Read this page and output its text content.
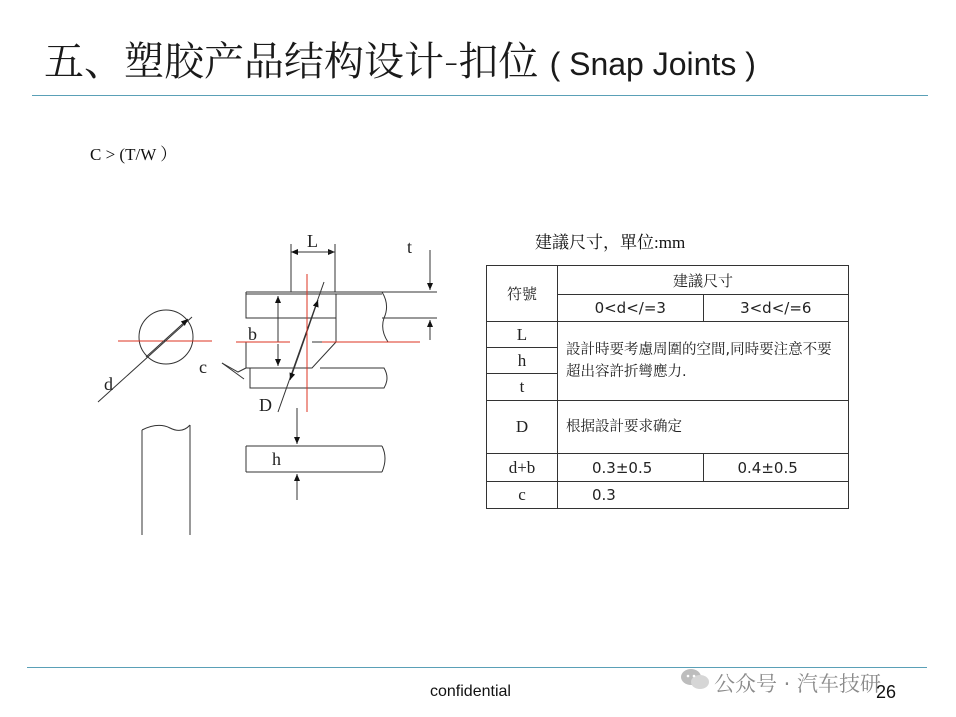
五、塑胶产品结构设计-扣位 ( Snap Joints )
C > (T/W ）
L	t
b
c
d
D
h
建議尺寸，單位:mm
符號	建議尺寸	
	0<d</=3	3<d</=6
L	設計時要考慮周圍的空間,同時要注意不要超出容許折彎應力.	
h		
t		
D	根据設計要求确定	
d+b	0.3±0.5	0.4±0.5
c	0.3	
confidential	公众号 · 汽车技研
26
